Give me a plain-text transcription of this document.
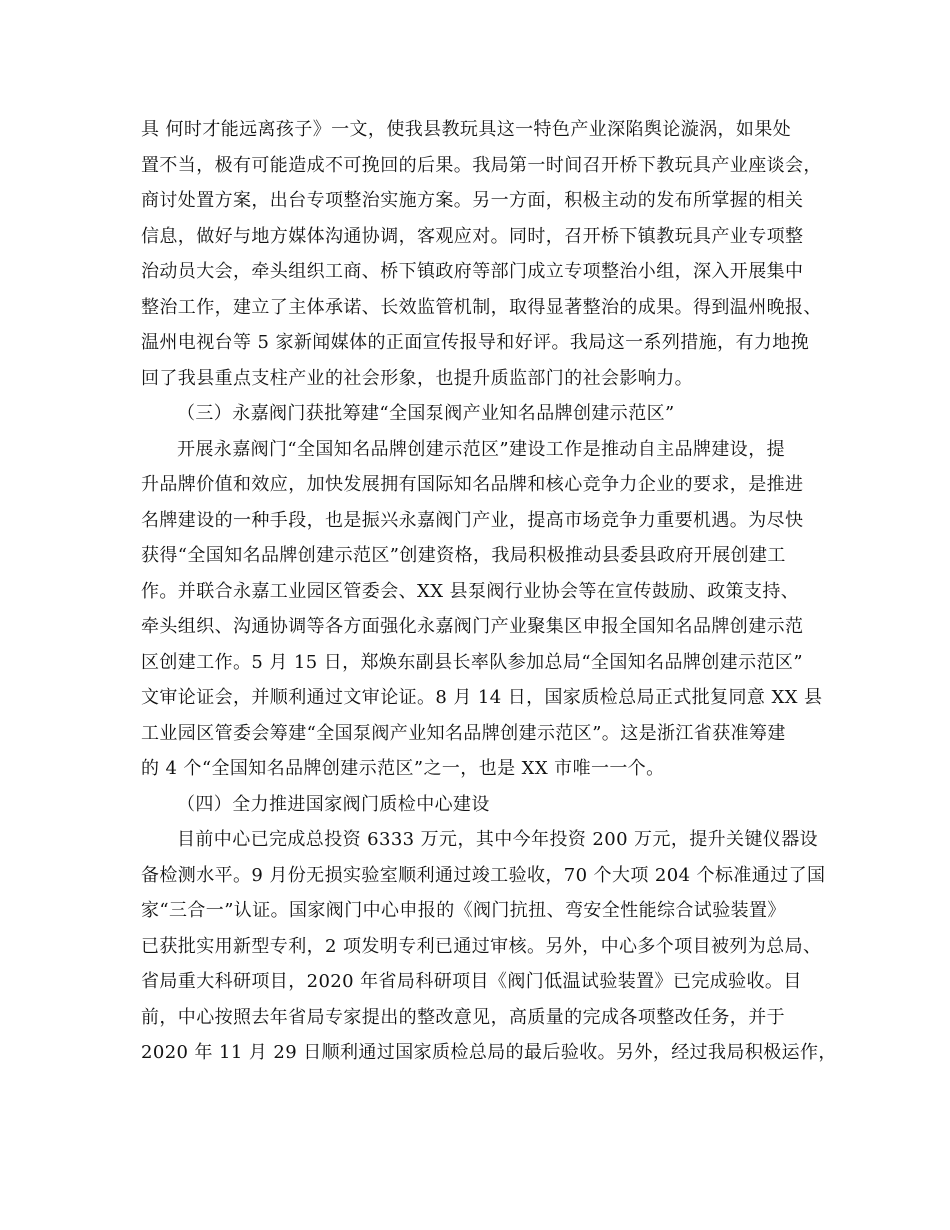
具 何时才能远离孩子》一文，使我县教玩具这一特色产业深陷舆论漩涡，如果处
置不当，极有可能造成不可挽回的后果。我局第一时间召开桥下教玩具产业座谈会，
商讨处置方案，出台专项整治实施方案。另一方面，积极主动的发布所掌握的相关
信息，做好与地方媒体沟通协调，客观应对。同时，召开桥下镇教玩具产业专项整
治动员大会，牵头组织工商、桥下镇政府等部门成立专项整治小组，深入开展集中
整治工作，建立了主体承诺、长效监管机制，取得显著整治的成果。得到温州晚报、
温州电视台等 5 家新闻媒体的正面宣传报导和好评。我局这一系列措施，有力地挽
回了我县重点支柱产业的社会形象，也提升质监部门的社会影响力。
（三）永嘉阀门获批筹建“全国泵阀产业知名品牌创建示范区”
开展永嘉阀门“全国知名品牌创建示范区”建设工作是推动自主品牌建设，提
升品牌价值和效应，加快发展拥有国际知名品牌和核心竞争力企业的要求，是推进
名牌建设的一种手段，也是振兴永嘉阀门产业，提高市场竞争力重要机遇。为尽快
获得“全国知名品牌创建示范区”创建资格，我局积极推动县委县政府开展创建工
作。并联合永嘉工业园区管委会、XX 县泵阀行业协会等在宣传鼓励、政策支持、
牵头组织、沟通协调等各方面强化永嘉阀门产业聚集区申报全国知名品牌创建示范
区创建工作。5 月 15 日，郑焕东副县长率队参加总局“全国知名品牌创建示范区”
文审论证会，并顺利通过文审论证。8 月 14 日，国家质检总局正式批复同意 XX 县
工业园区管委会筹建“全国泵阀产业知名品牌创建示范区”。这是浙江省获准筹建
的 4 个“全国知名品牌创建示范区”之一，也是 XX 市唯一一个。
（四）全力推进国家阀门质检中心建设
目前中心已完成总投资 6333 万元，其中今年投资 200 万元，提升关键仪器设
备检测水平。9 月份无损实验室顺利通过竣工验收，70 个大项 204 个标准通过了国
家“三合一”认证。国家阀门中心申报的《阀门抗扭、弯安全性能综合试验装置》
已获批实用新型专利，2 项发明专利已通过审核。另外，中心多个项目被列为总局、
省局重大科研项目，2020 年省局科研项目《阀门低温试验装置》已完成验收。目
前，中心按照去年省局专家提出的整改意见，高质量的完成各项整改任务，并于
2020 年 11 月 29 日顺利通过国家质检总局的最后验收。另外，经过我局积极运作，
